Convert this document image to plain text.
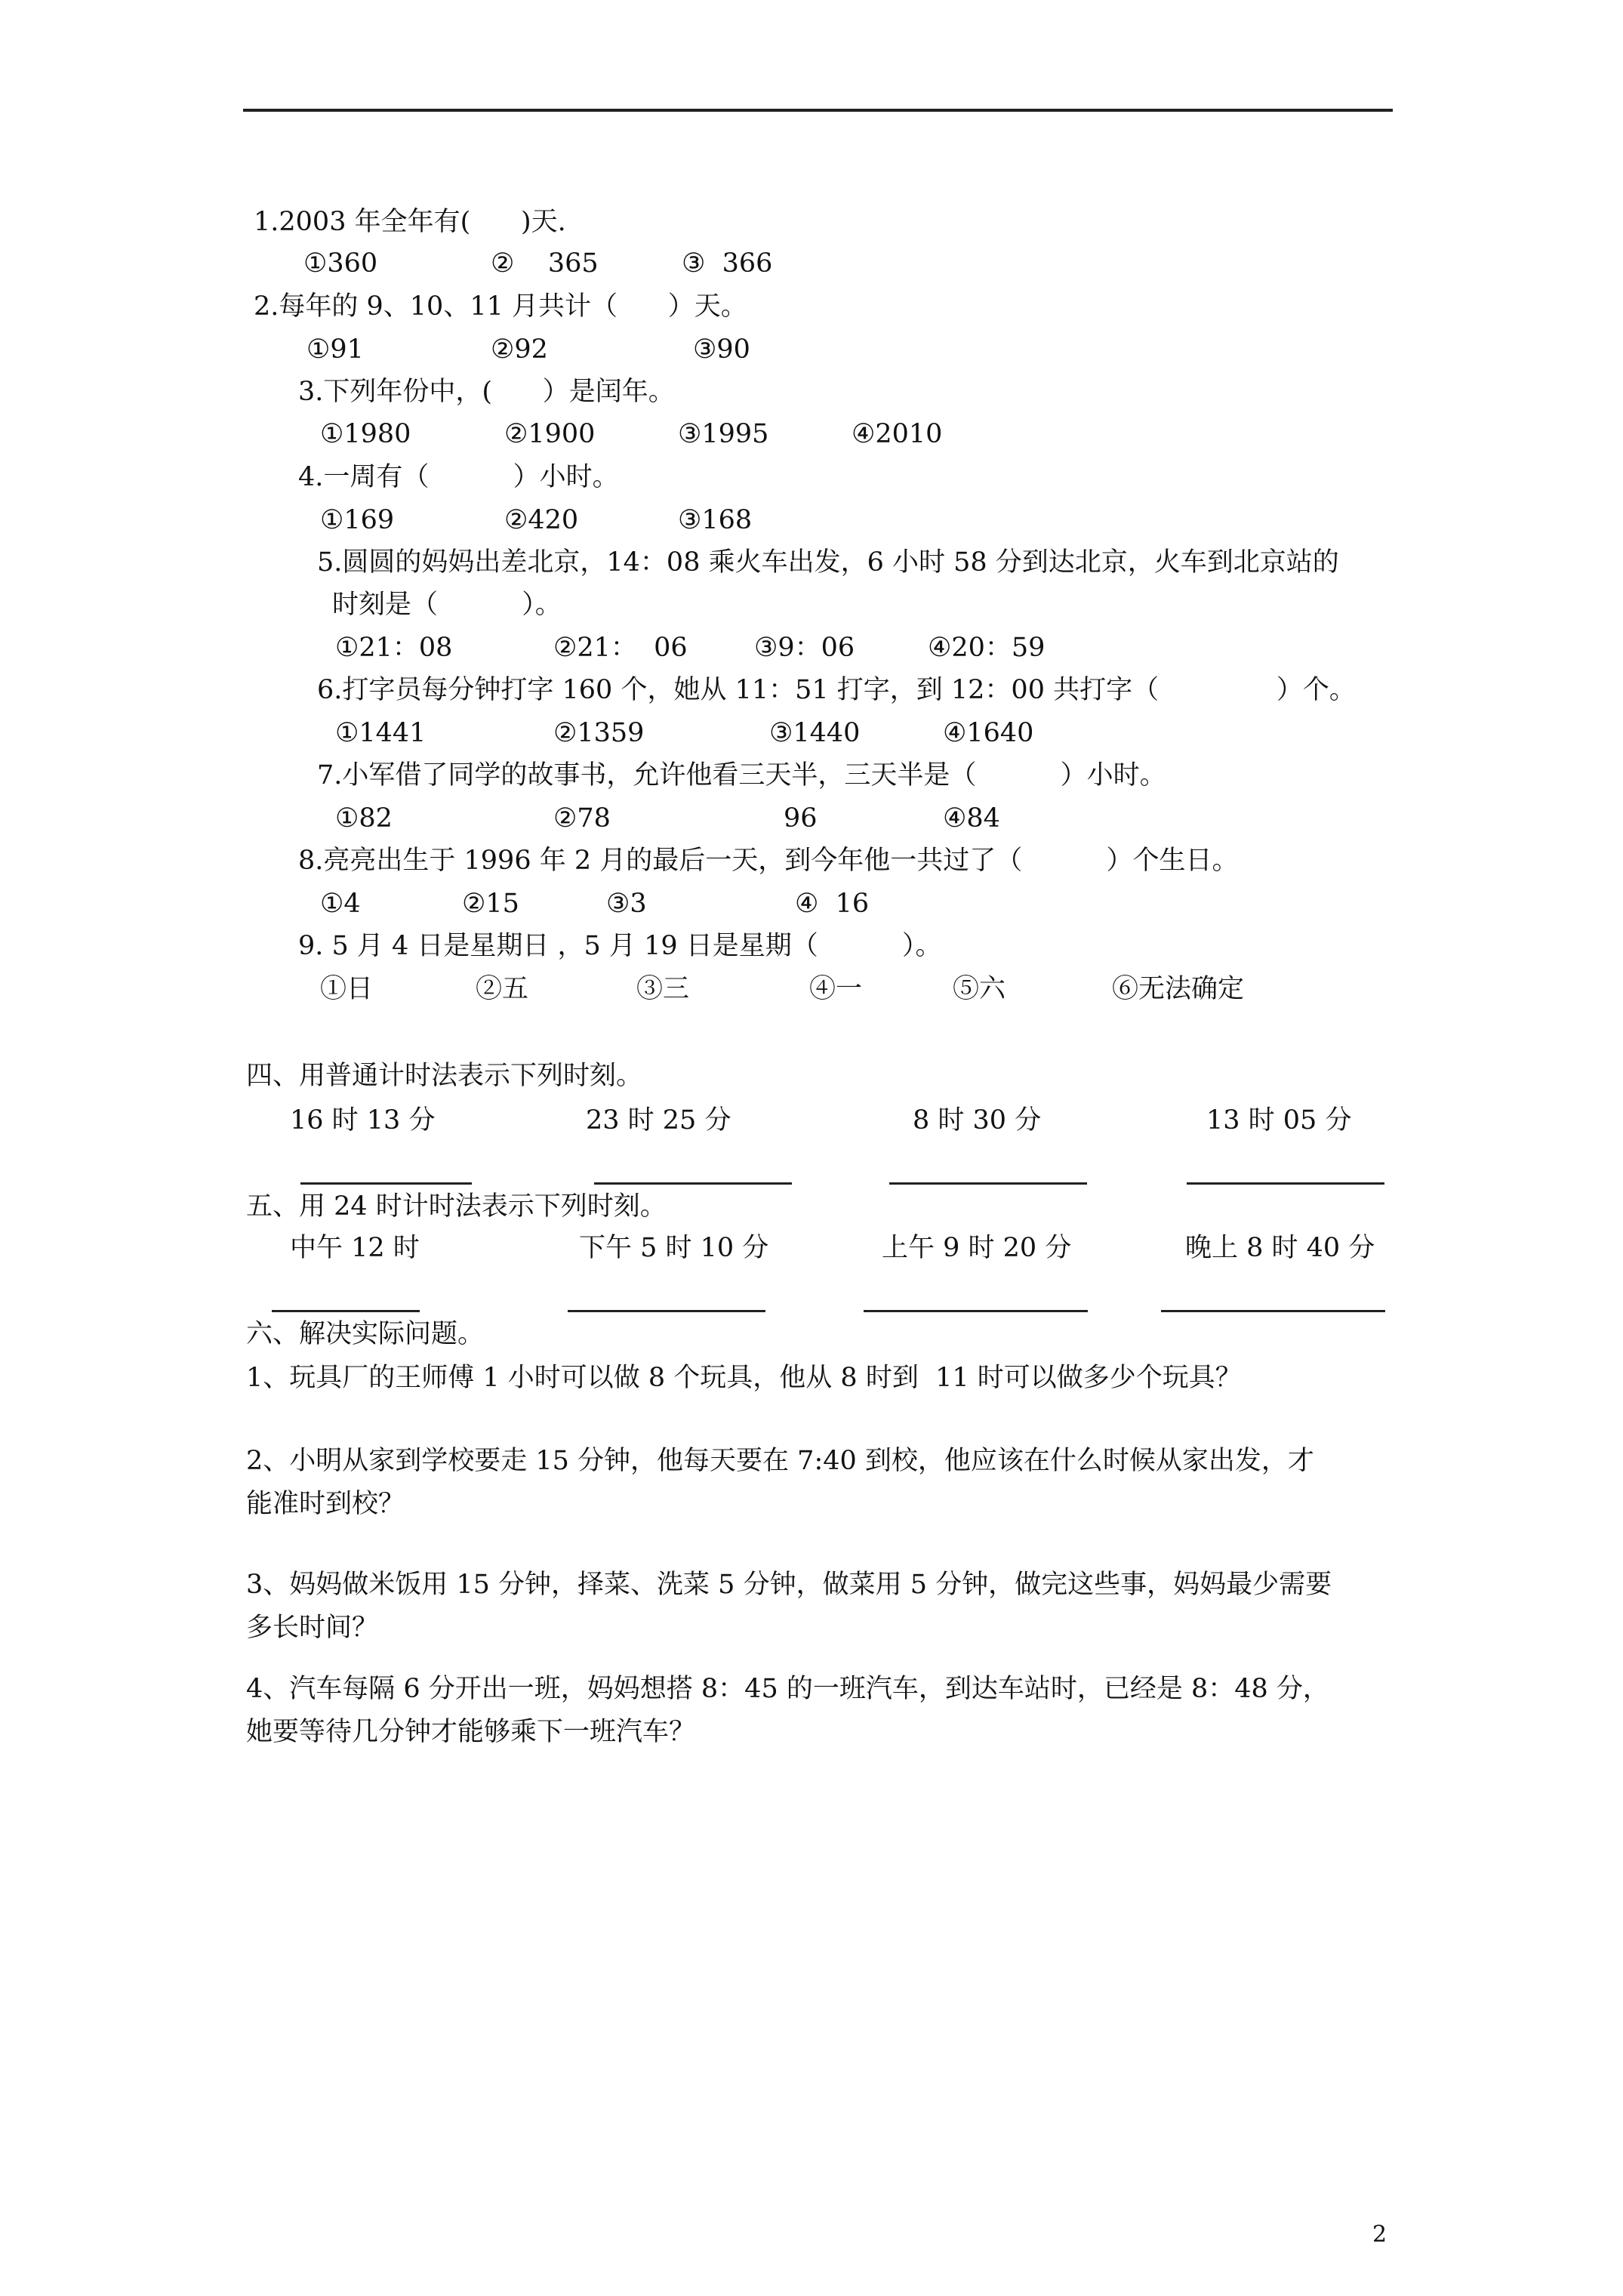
1.2003 年全年有(      )天.
①360	②    365	③  366
2.每年的 9、10、11 月共计（      ）天。
①91	②92	③90
3.下列年份中，(      ）是闰年。
①1980	②1900	③1995	④2010
4.一周有（          ）小时。
①169	②420	③168
5.圆圆的妈妈出差北京，14：08 乘火车出发，6 小时 58 分到达北京，火车到北京站的
时刻是（          ）。
①21：08	②21：  06	③9：06	④20：59
6.打字员每分钟打字 160 个，她从 11：51 打字，到 12：00 共打字（              ）个。
①1441	②1359	③1440	④1640
7.小军借了同学的故事书，允许他看三天半，三天半是（          ）小时。
①82	②78	96	④84
8.亮亮出生于 1996 年 2 月的最后一天，到今年他一共过了（          ）个生日。
①4	②15	③3	④  16
9. 5 月 4 日是星期日 ，5 月 19 日是星期（          ）。
①日	②五	③三	④一	⑤六	⑥无法确定
四、用普通计时法表示下列时刻。
16 时 13 分	23 时 25 分	8 时 30 分	13 时 05 分
五、用 24 时计时法表示下列时刻。
中午 12 时	下午 5 时 10 分	上午 9 时 20 分	晚上 8 时 40 分
六、解决实际问题。
1、玩具厂的王师傅 1 小时可以做 8 个玩具，他从 8 时到  11 时可以做多少个玩具？
2、小明从家到学校要走 15 分钟，他每天要在 7:40 到校，他应该在什么时候从家出发，才
能准时到校？
3、妈妈做米饭用 15 分钟，择菜、洗菜 5 分钟，做菜用 5 分钟，做完这些事，妈妈最少需要
多长时间？
4、汽车每隔 6 分开出一班，妈妈想搭 8：45 的一班汽车，到达车站时，已经是 8：48 分，
她要等待几分钟才能够乘下一班汽车？
2
